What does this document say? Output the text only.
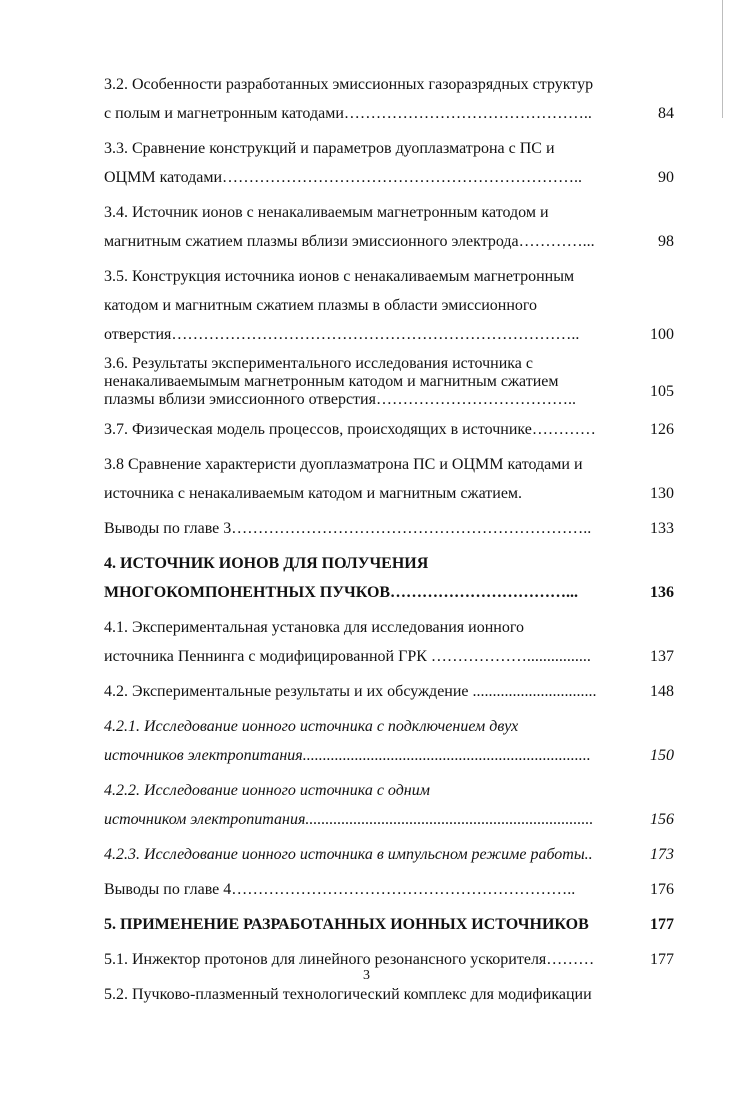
3.2. Особенности разработанных эмиссионных газоразрядных структур
с полым и магнетронным катодами………………………………………..	84
3.3. Сравнение конструкций и параметров дуоплазматрона с ПС и
ОЦММ катодами…………………………………………………………..	90
3.4. Источник ионов с ненакаливаемым магнетронным катодом и
магнитным сжатием плазмы вблизи эмиссионного электрода…………...	98
3.5. Конструкция источника ионов с ненакаливаемым магнетронным
катодом и магнитным сжатием плазмы в области эмиссионного
отверстия…………………………………………………………………..	100
3.6. Результаты экспериментального исследования источника с
ненакаливаемымым магнетронным катодом и магнитным сжатием
плазмы вблизи эмиссионного отверстия………………………………..	105
3.7. Физическая модель процессов, происходящих в источнике…………	126
3.8 Сравнение характеристи дуоплазматрона ПС и ОЦММ катодами и
источника с ненакаливаемым катодом и магнитным сжатием.	130
Выводы по главе 3…………………………………………………………..	133
4. ИСТОЧНИК ИОНОВ ДЛЯ ПОЛУЧЕНИЯ
МНОГОКОМПОНЕНТНЫХ ПУЧКОВ……………………………...	136
4.1. Экспериментальная установка для исследования ионного
источника Пеннинга с модифицированной ГРК ………………................	137
4.2. Экспериментальные результаты и их обсуждение ...............................	148
4.2.1. Исследование ионного источника с подключением двух
источников электропитания........................................................................	150
4.2.2. Исследование ионного источника с одним
источником электропитания........................................................................	156
4.2.3. Исследование ионного источника в импульсном режиме работы..	173
Выводы по главе 4………………………………………………………..	176
5. ПРИМЕНЕНИЕ РАЗРАБОТАННЫХ ИОННЫХ ИСТОЧНИКОВ	177
5.1. Инжектор протонов для линейного резонансного ускорителя………	177
5.2. Пучково-плазменный технологический комплекс для модификации
3
